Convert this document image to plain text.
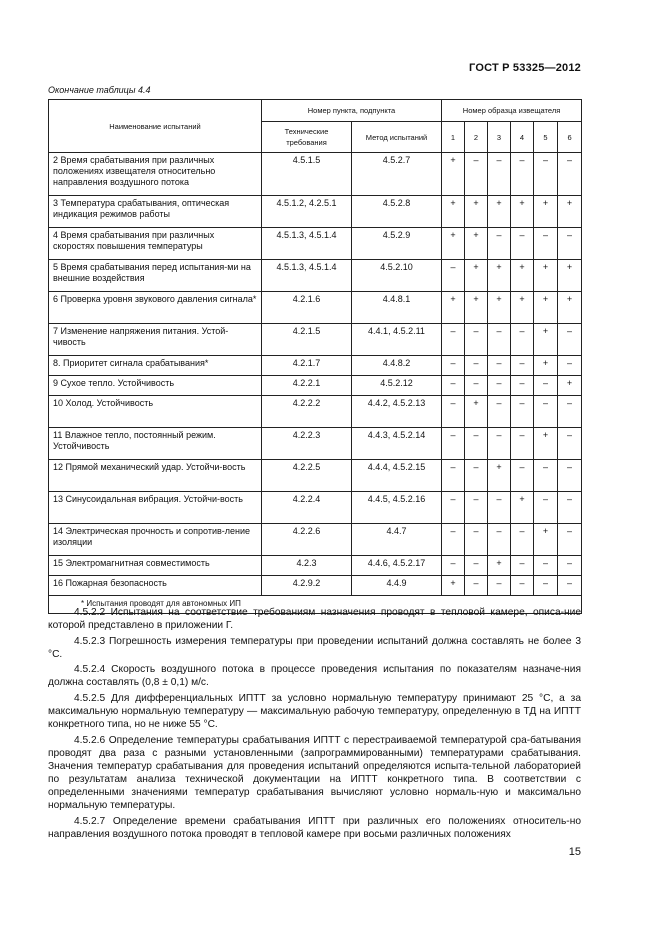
ГОСТ Р 53325—2012
Окончание таблицы 4.4
Наименование испытаний	Номер пункта, подпункта		Номер образца извещателя					
	Технические требования	Метод испытаний	1	2	3	4	5	6
2 Время срабатывания при различных положениях извещателя относительно направления воздушного потока	4.5.1.5	4.5.2.7	+	–	–	–	–	–
3 Температура срабатывания, оптическая индикация режимов работы	4.5.1.2, 4.2.5.1	4.5.2.8	+	+	+	+	+	+
4 Время срабатывания при различных скоростях повышения температуры	4.5.1.3, 4.5.1.4	4.5.2.9	+	+	–	–	–	–
5 Время срабатывания перед испытания-ми на внешние воздействия	4.5.1.3, 4.5.1.4	4.5.2.10	–	+	+	+	+	+
6 Проверка уровня звукового давления сигнала*	4.2.1.6	4.4.8.1	+	+	+	+	+	+
7 Изменение напряжения питания. Устой-чивость	4.2.1.5	4.4.1, 4.5.2.11	–	–	–	–	+	–
8. Приоритет сигнала срабатывания*	4.2.1.7	4.4.8.2	–	–	–	–	+	–
9 Сухое тепло. Устойчивость	4.2.2.1	4.5.2.12	–	–	–	–	–	+
10 Холод. Устойчивость	4.2.2.2	4.4.2, 4.5.2.13	–	+	–	–	–	–
11 Влажное тепло, постоянный режим. Устойчивость	4.2.2.3	4.4.3, 4.5.2.14	–	–	–	–	+	–
12 Прямой механический удар. Устойчи-вость	4.2.2.5	4.4.4, 4.5.2.15	–	–	+	–	–	–
13 Синусоидальная вибрация. Устойчи-вость	4.2.2.4	4.4.5, 4.5.2.16	–	–	–	+	–	–
14 Электрическая прочность и сопротив-ление изоляции	4.2.2.6	4.4.7	–	–	–	–	+	–
15 Электромагнитная совместимость	4.2.3	4.4.6, 4.5.2.17	–	–	+	–	–	–
16 Пожарная безопасность	4.2.9.2	4.4.9	+	–	–	–	–	–
* Испытания проводят для автономных ИП								

4.5.2.2 Испытания на соответствие требованиям назначения проводят в тепловой камере, описа-ние которой представлено в приложении Г.

4.5.2.3 Погрешность измерения температуры при проведении испытаний должна составлять не более 3 °С.

4.5.2.4 Скорость воздушного потока в процессе проведения испытания по показателям назначе-ния должна составлять (0,8 ± 0,1) м/с.

4.5.2.5 Для дифференциальных ИПТТ за условно нормальную температуру принимают 25 °С, а за максимальную нормальную температуру — максимальную рабочую температуру, определенную в ТД на ИПТТ конкретного типа, но не ниже 55 °С.

4.5.2.6 Определение температуры срабатывания ИПТТ с перестраиваемой температурой сра-батывания проводят два раза с разными установленными (запрограммированными) температурами срабатывания. Значения температур срабатывания для проведения испытаний определяются испыта-тельной лабораторией по результатам анализа технической документации на ИПТТ конкретного типа. В соответствии с определенными значениями температур срабатывания вычисляют условно нормаль-ную и максимально нормальную температуры.

4.5.2.7 Определение времени срабатывания ИПТТ при различных его положениях относитель-но направления воздушного потока проводят в тепловой камере при восьми различных положениях

15
